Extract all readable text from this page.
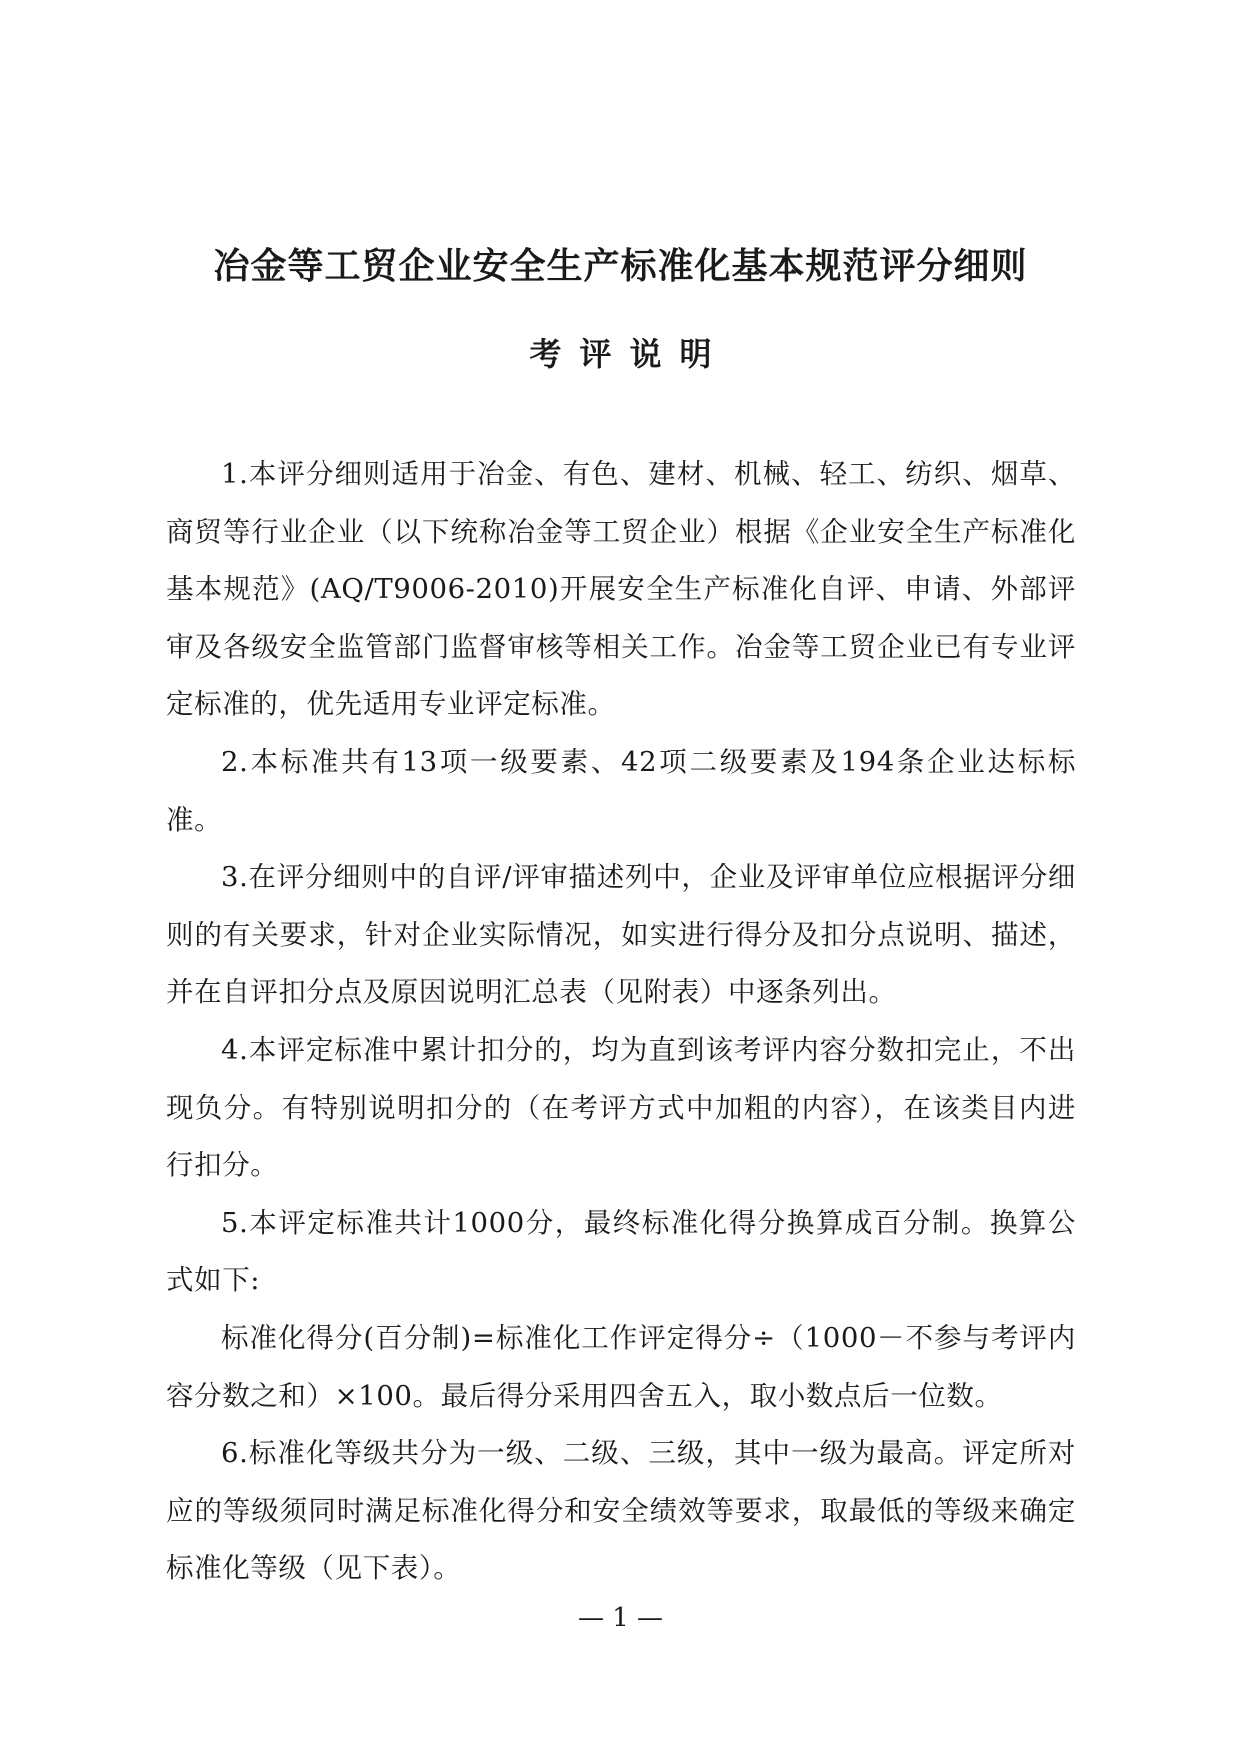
冶金等工贸企业安全生产标准化基本规范评分细则
考评说明

1.本评分细则适用于冶金、有色、建材、机械、轻工、纺织、烟草、商贸等行业企业（以下统称冶金等工贸企业）根据《企业安全生产标准化基本规范》(AQ/T9006-2010)开展安全生产标准化自评、申请、外部评审及各级安全监管部门监督审核等相关工作。冶金等工贸企业已有专业评定标准的，优先适用专业评定标准。

2.本标准共有13项一级要素、42项二级要素及194条企业达标标准。

3.在评分细则中的自评/评审描述列中，企业及评审单位应根据评分细则的有关要求，针对企业实际情况，如实进行得分及扣分点说明、描述，并在自评扣分点及原因说明汇总表（见附表）中逐条列出。

4.本评定标准中累计扣分的，均为直到该考评内容分数扣完止，不出现负分。有特别说明扣分的（在考评方式中加粗的内容），在该类目内进行扣分。

5.本评定标准共计1000分，最终标准化得分换算成百分制。换算公式如下:

标准化得分(百分制)=标准化工作评定得分÷（1000－不参与考评内容分数之和）×100。最后得分采用四舍五入，取小数点后一位数。

6.标准化等级共分为一级、二级、三级，其中一级为最高。评定所对应的等级须同时满足标准化得分和安全绩效等要求，取最低的等级来确定标准化等级（见下表）。

— 1 —
